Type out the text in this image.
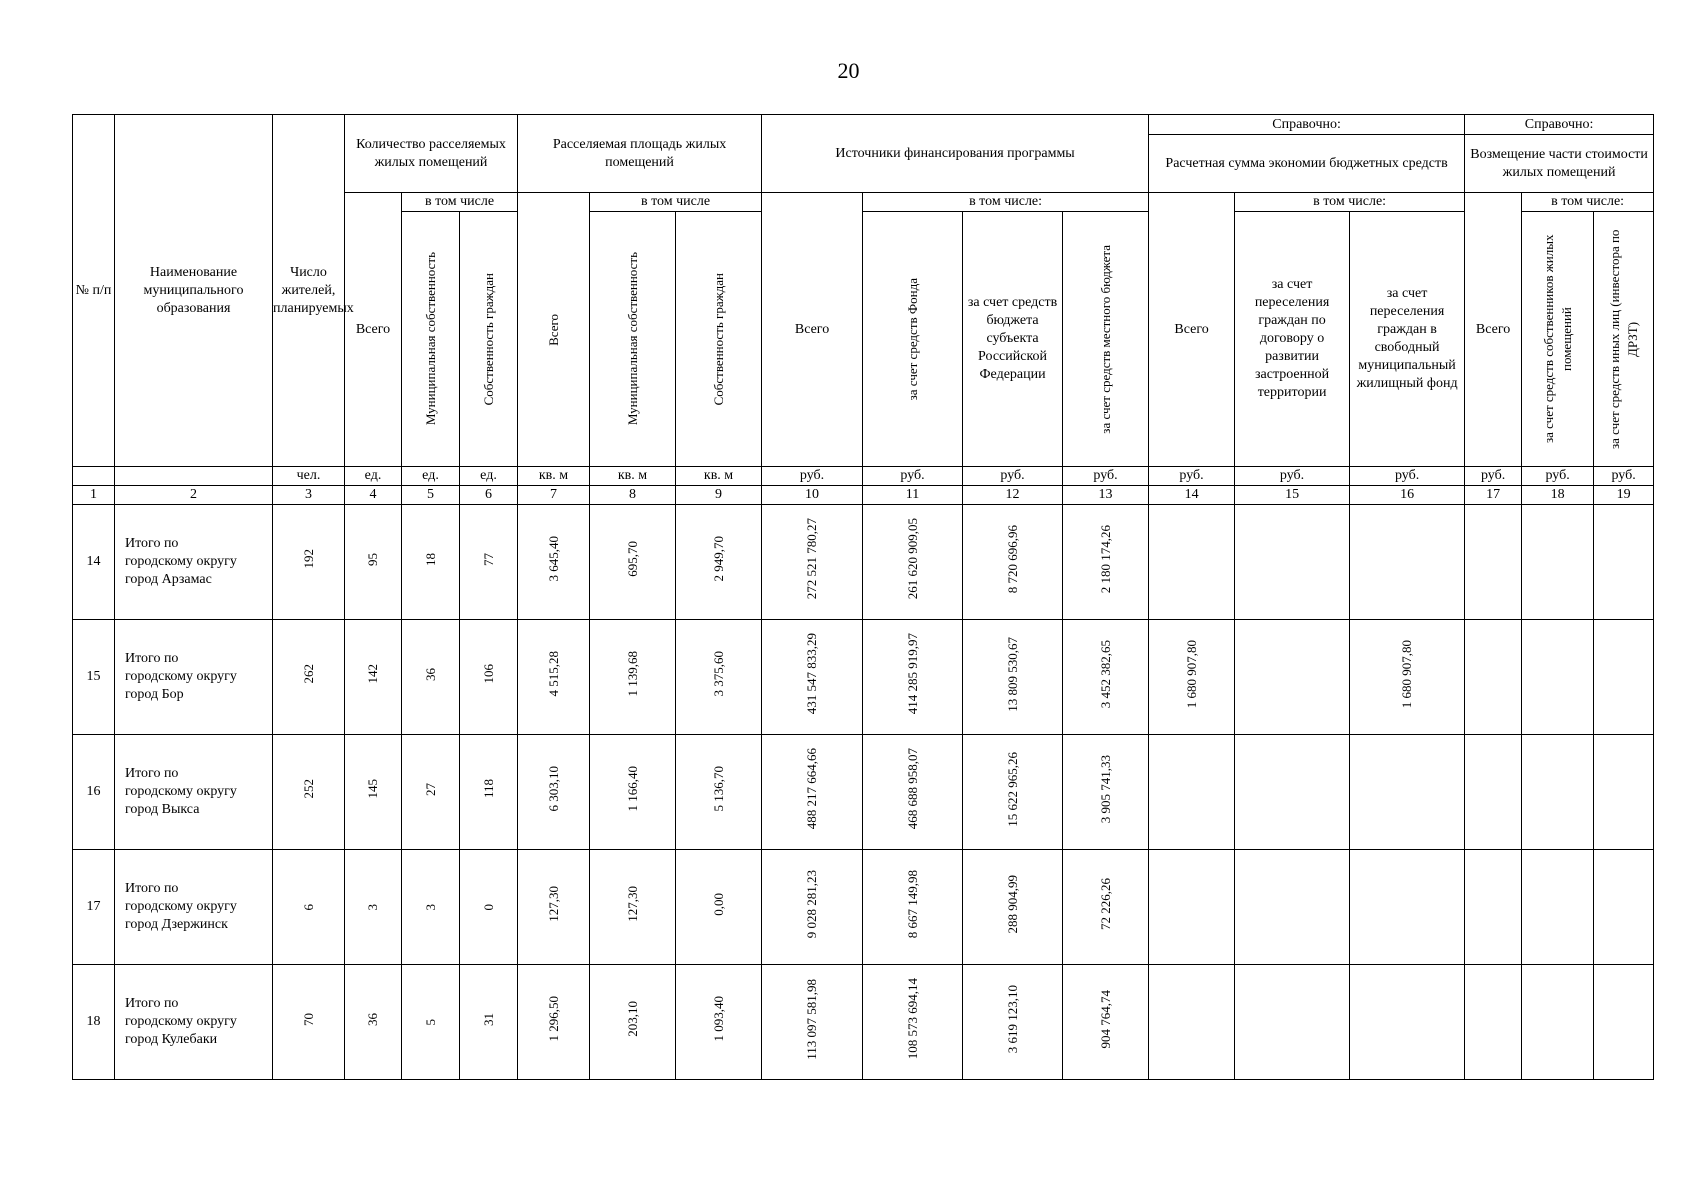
20
№ п/п	Наименование муниципального образования	Число жителей, планируемых	Количество расселяемых жилых помещений			Расселяемая площадь жилых помещений			Источники финансирования программы				Справочно:			Справочно:		
													Расчетная сумма экономии бюджетных средств			Возмещение части стоимости жилых помещений		
			Всего	в том числе		Всего	в том числе		Всего	в том числе:			Всего	в том числе:		Всего	в том числе:	

				Муниципальная собственность	Собственность граждан		Муниципальная собственность	Собственность граждан		за счет средств Фонда	за счет средств бюджета субъекта Российской Федерации	за счет средств местного бюджета		за счет переселения граждан по договору о развитии застроенной территории	за счет переселения граждан в свободный муниципальный жилищный фонд		за счет средств собственников жилых помещений	за счет средств иных лиц (инвестора по ДРЗТ)

		чел.	ед.	ед.	ед.	кв. м	кв. м	кв. м	руб.	руб.	руб.	руб.	руб.	руб.	руб.	руб.	руб.	руб.
1	2	3	4	5	6	7	8	9	10	11	12	13	14	15	16	17	18	19
14	Итого по
городскому округу
город Арзамас	192	95	18	77	3 645,40	695,70	2 949,70	272 521 780,27	261 620 909,05	8 720 696,96	2 180 174,26						
15	Итого по
городскому округу
город Бор	262	142	36	106	4 515,28	1 139,68	3 375,60	431 547 833,29	414 285 919,97	13 809 530,67	3 452 382,65	1 680 907,80		1 680 907,80			
16	Итого по
городскому округу
город Выкса	252	145	27	118	6 303,10	1 166,40	5 136,70	488 217 664,66	468 688 958,07	15 622 965,26	3 905 741,33						
17	Итого по
городскому округу
город Дзержинск	6	3	3	0	127,30	127,30	0,00	9 028 281,23	8 667 149,98	288 904,99	72 226,26						
18	Итого по
городскому округу
город Кулебаки	70	36	5	31	1 296,50	203,10	1 093,40	113 097 581,98	108 573 694,14	3 619 123,10	904 764,74						
